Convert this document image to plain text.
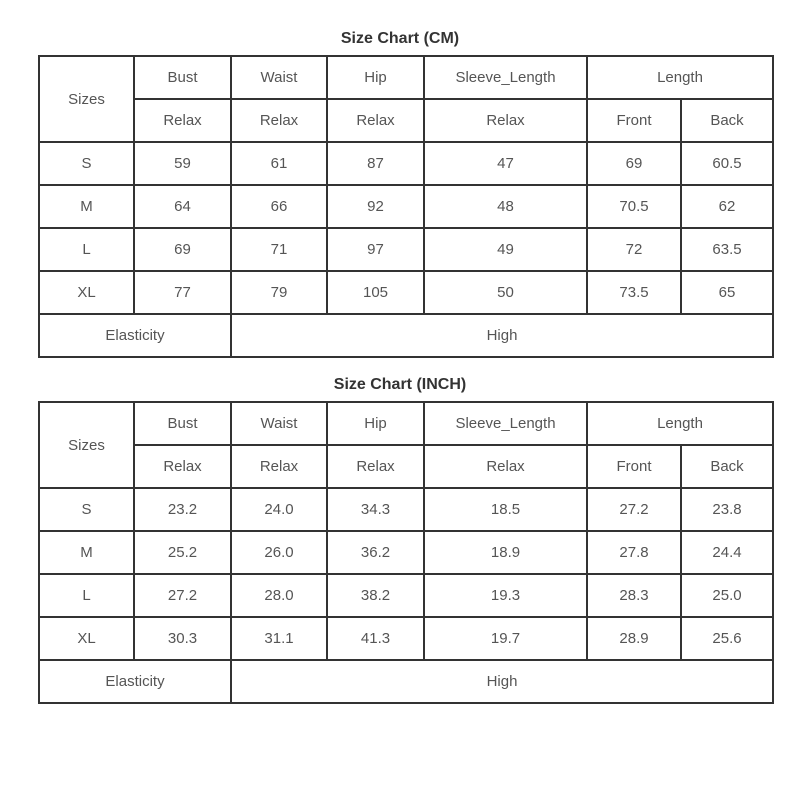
Size Chart (CM)
Sizes	Bust	Waist	Hip	Sleeve_Length	Length	
	Relax	Relax	Relax	Relax	Front	Back
S	59	61	87	47	69	60.5
M	64	66	92	48	70.5	62
L	69	71	97	49	72	63.5
XL	77	79	105	50	73.5	65
Elasticity		High				
Size Chart (INCH)
Sizes	Bust	Waist	Hip	Sleeve_Length	Length	
	Relax	Relax	Relax	Relax	Front	Back
S	23.2	24.0	34.3	18.5	27.2	23.8
M	25.2	26.0	36.2	18.9	27.8	24.4
L	27.2	28.0	38.2	19.3	28.3	25.0
XL	30.3	31.1	41.3	19.7	28.9	25.6
Elasticity		High				
